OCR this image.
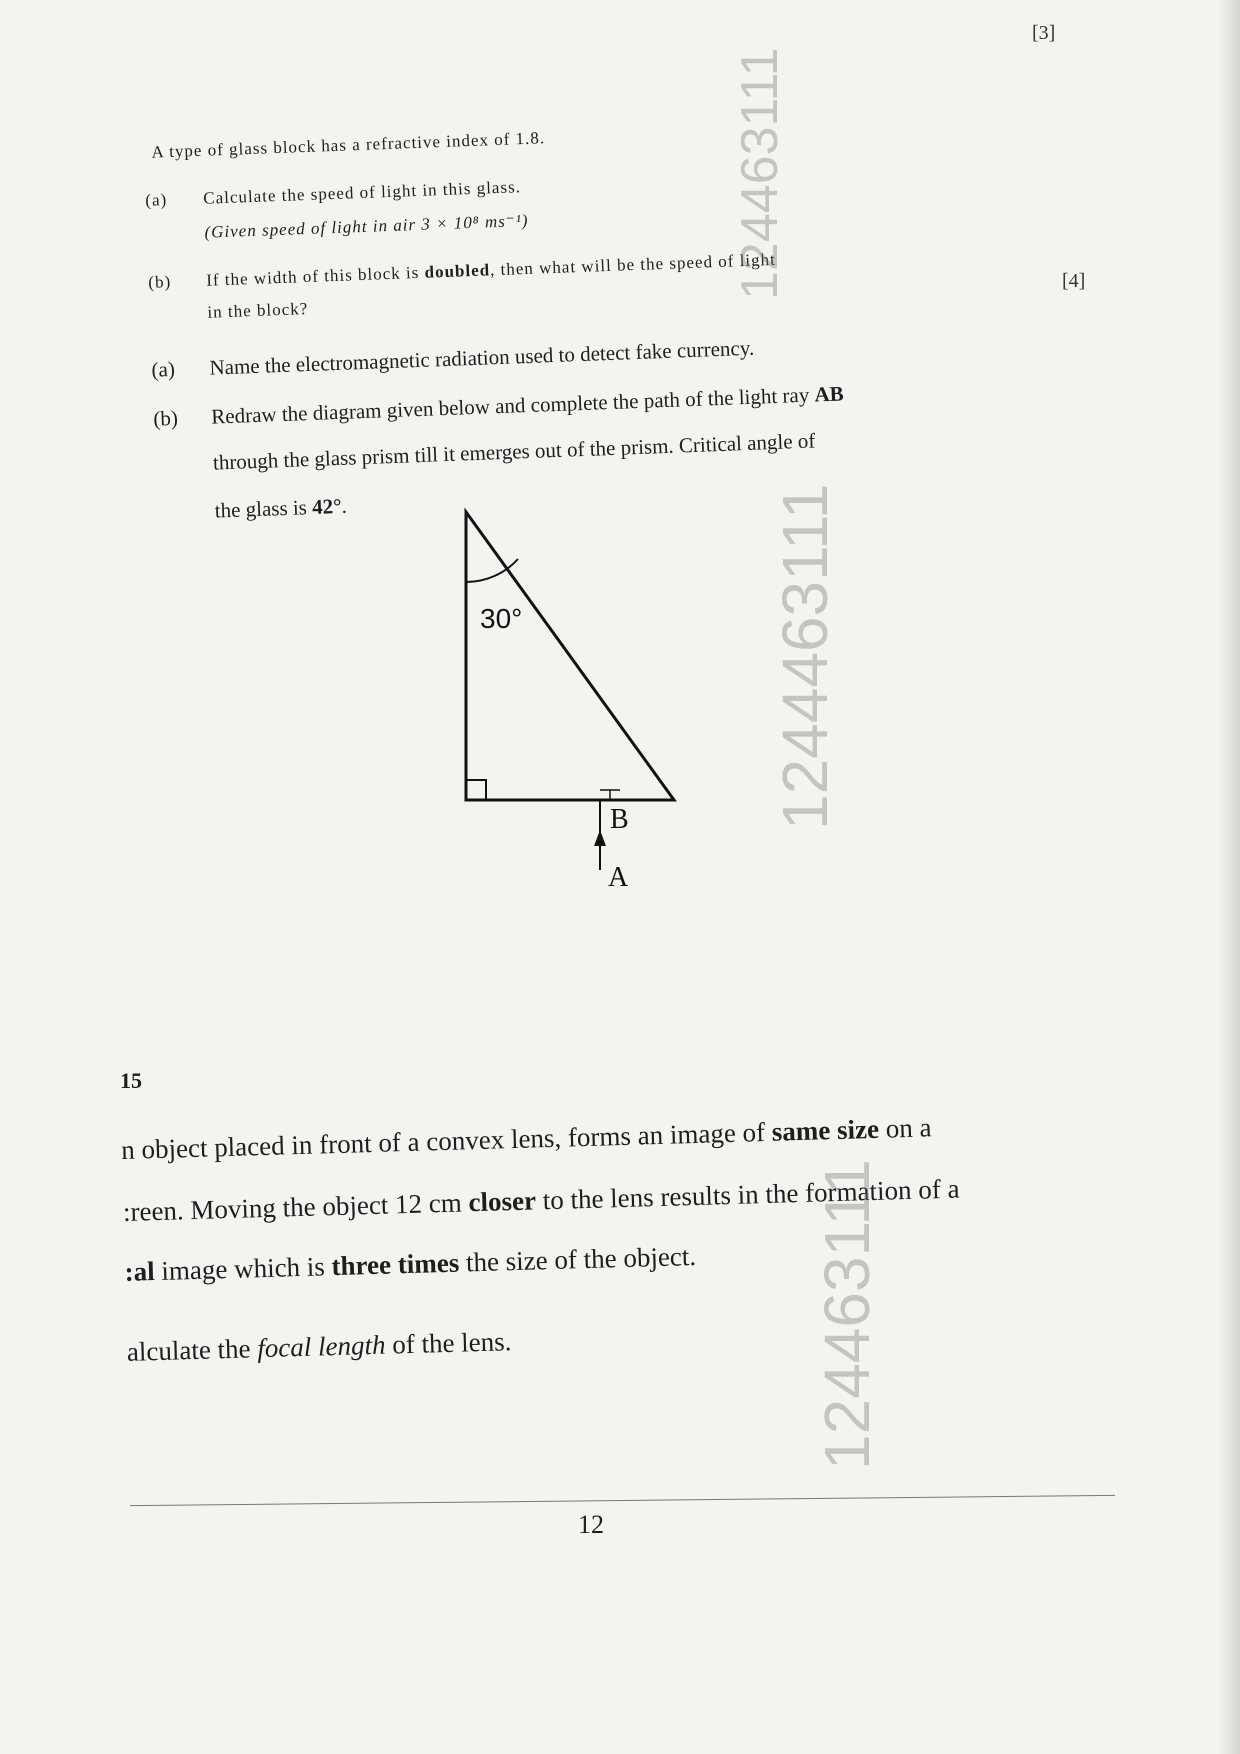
[3]
[4]
A type of glass block has a refractive index of 1.8.
(a) Calculate the speed of light in this glass.
(Given speed of light in air 3 × 10⁸ ms⁻¹)
(b) If the width of this block is doubled, then what will be the speed of light
in the block?
(a) Name the electromagnetic radiation used to detect fake currency.
(b) Redraw the diagram given below and complete the path of the light ray AB
through the glass prism till it emerges out of the prism. Critical angle of
the glass is 42°.
30°
B
A
15
n object placed in front of a convex lens, forms an image of same size on a
:reen. Moving the object 12 cm closer to the lens results in the formation of a
:al image which is three times the size of the object.
alculate the focal length of the lens.
12
124463111
1244463111
124463111
